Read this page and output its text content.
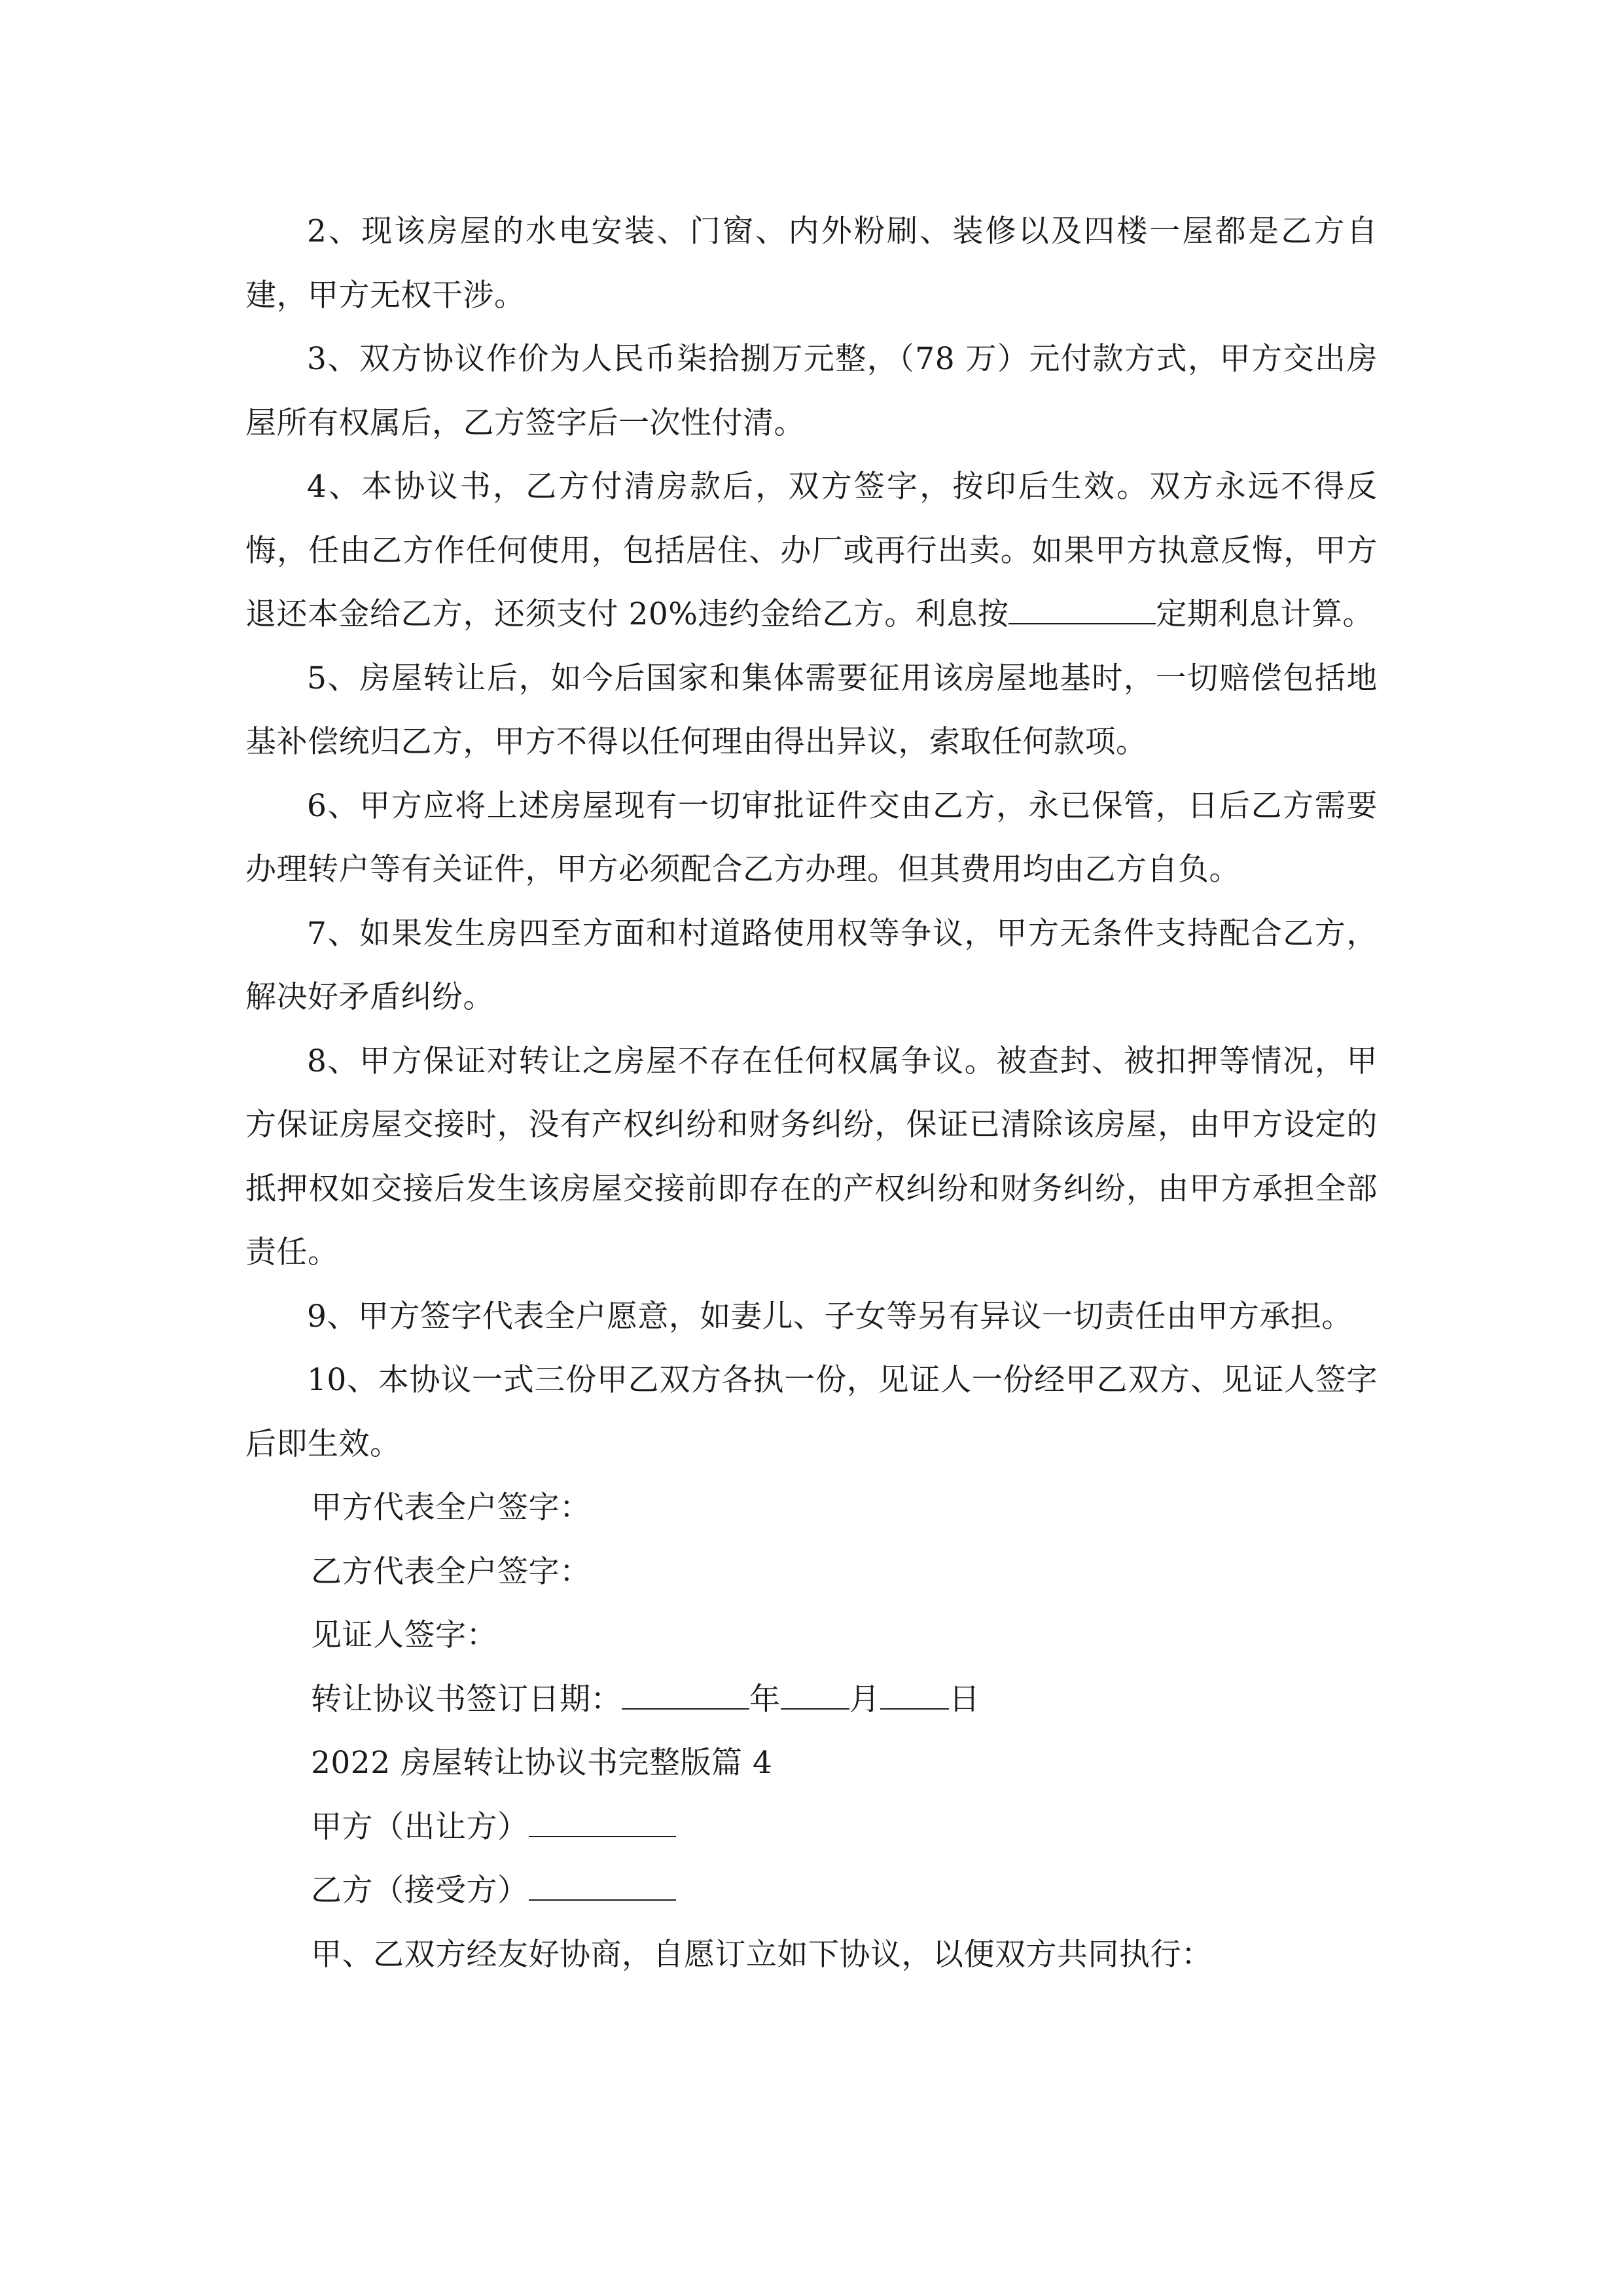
2、现该房屋的水电安装、门窗、内外粉刷、装修以及四楼一屋都是乙方自建，甲方无权干涉。

3、双方协议作价为人民币柒拾捌万元整，（78 万）元付款方式，甲方交出房屋所有权属后，乙方签字后一次性付清。

4、本协议书，乙方付清房款后，双方签字，按印后生效。双方永远不得反悔，任由乙方作任何使用，包括居住、办厂或再行出卖。如果甲方执意反悔，甲方退还本金给乙方，还须支付 20%违约金给乙方。利息按	定期利息计算。

5、房屋转让后，如今后国家和集体需要征用该房屋地基时，一切赔偿包括地基补偿统归乙方，甲方不得以任何理由得出异议，索取任何款项。

6、甲方应将上述房屋现有一切审批证件交由乙方，永已保管，日后乙方需要办理转户等有关证件，甲方必须配合乙方办理。但其费用均由乙方自负。

7、如果发生房四至方面和村道路使用权等争议，甲方无条件支持配合乙方，解决好矛盾纠纷。

8、甲方保证对转让之房屋不存在任何权属争议。被查封、被扣押等情况，甲方保证房屋交接时，没有产权纠纷和财务纠纷，保证已清除该房屋，由甲方设定的抵押权如交接后发生该房屋交接前即存在的产权纠纷和财务纠纷，由甲方承担全部责任。

9、甲方签字代表全户愿意，如妻儿、子女等另有异议一切责任由甲方承担。

10、本协议一式三份甲乙双方各执一份，见证人一份经甲乙双方、见证人签字后即生效。

甲方代表全户签字：

乙方代表全户签字：

见证人签字：

转让协议书签订日期：	年 月 日

2022 房屋转让协议书完整版篇 4

甲方（出让方）

乙方（接受方）

甲、乙双方经友好协商，自愿订立如下协议，以便双方共同执行：
